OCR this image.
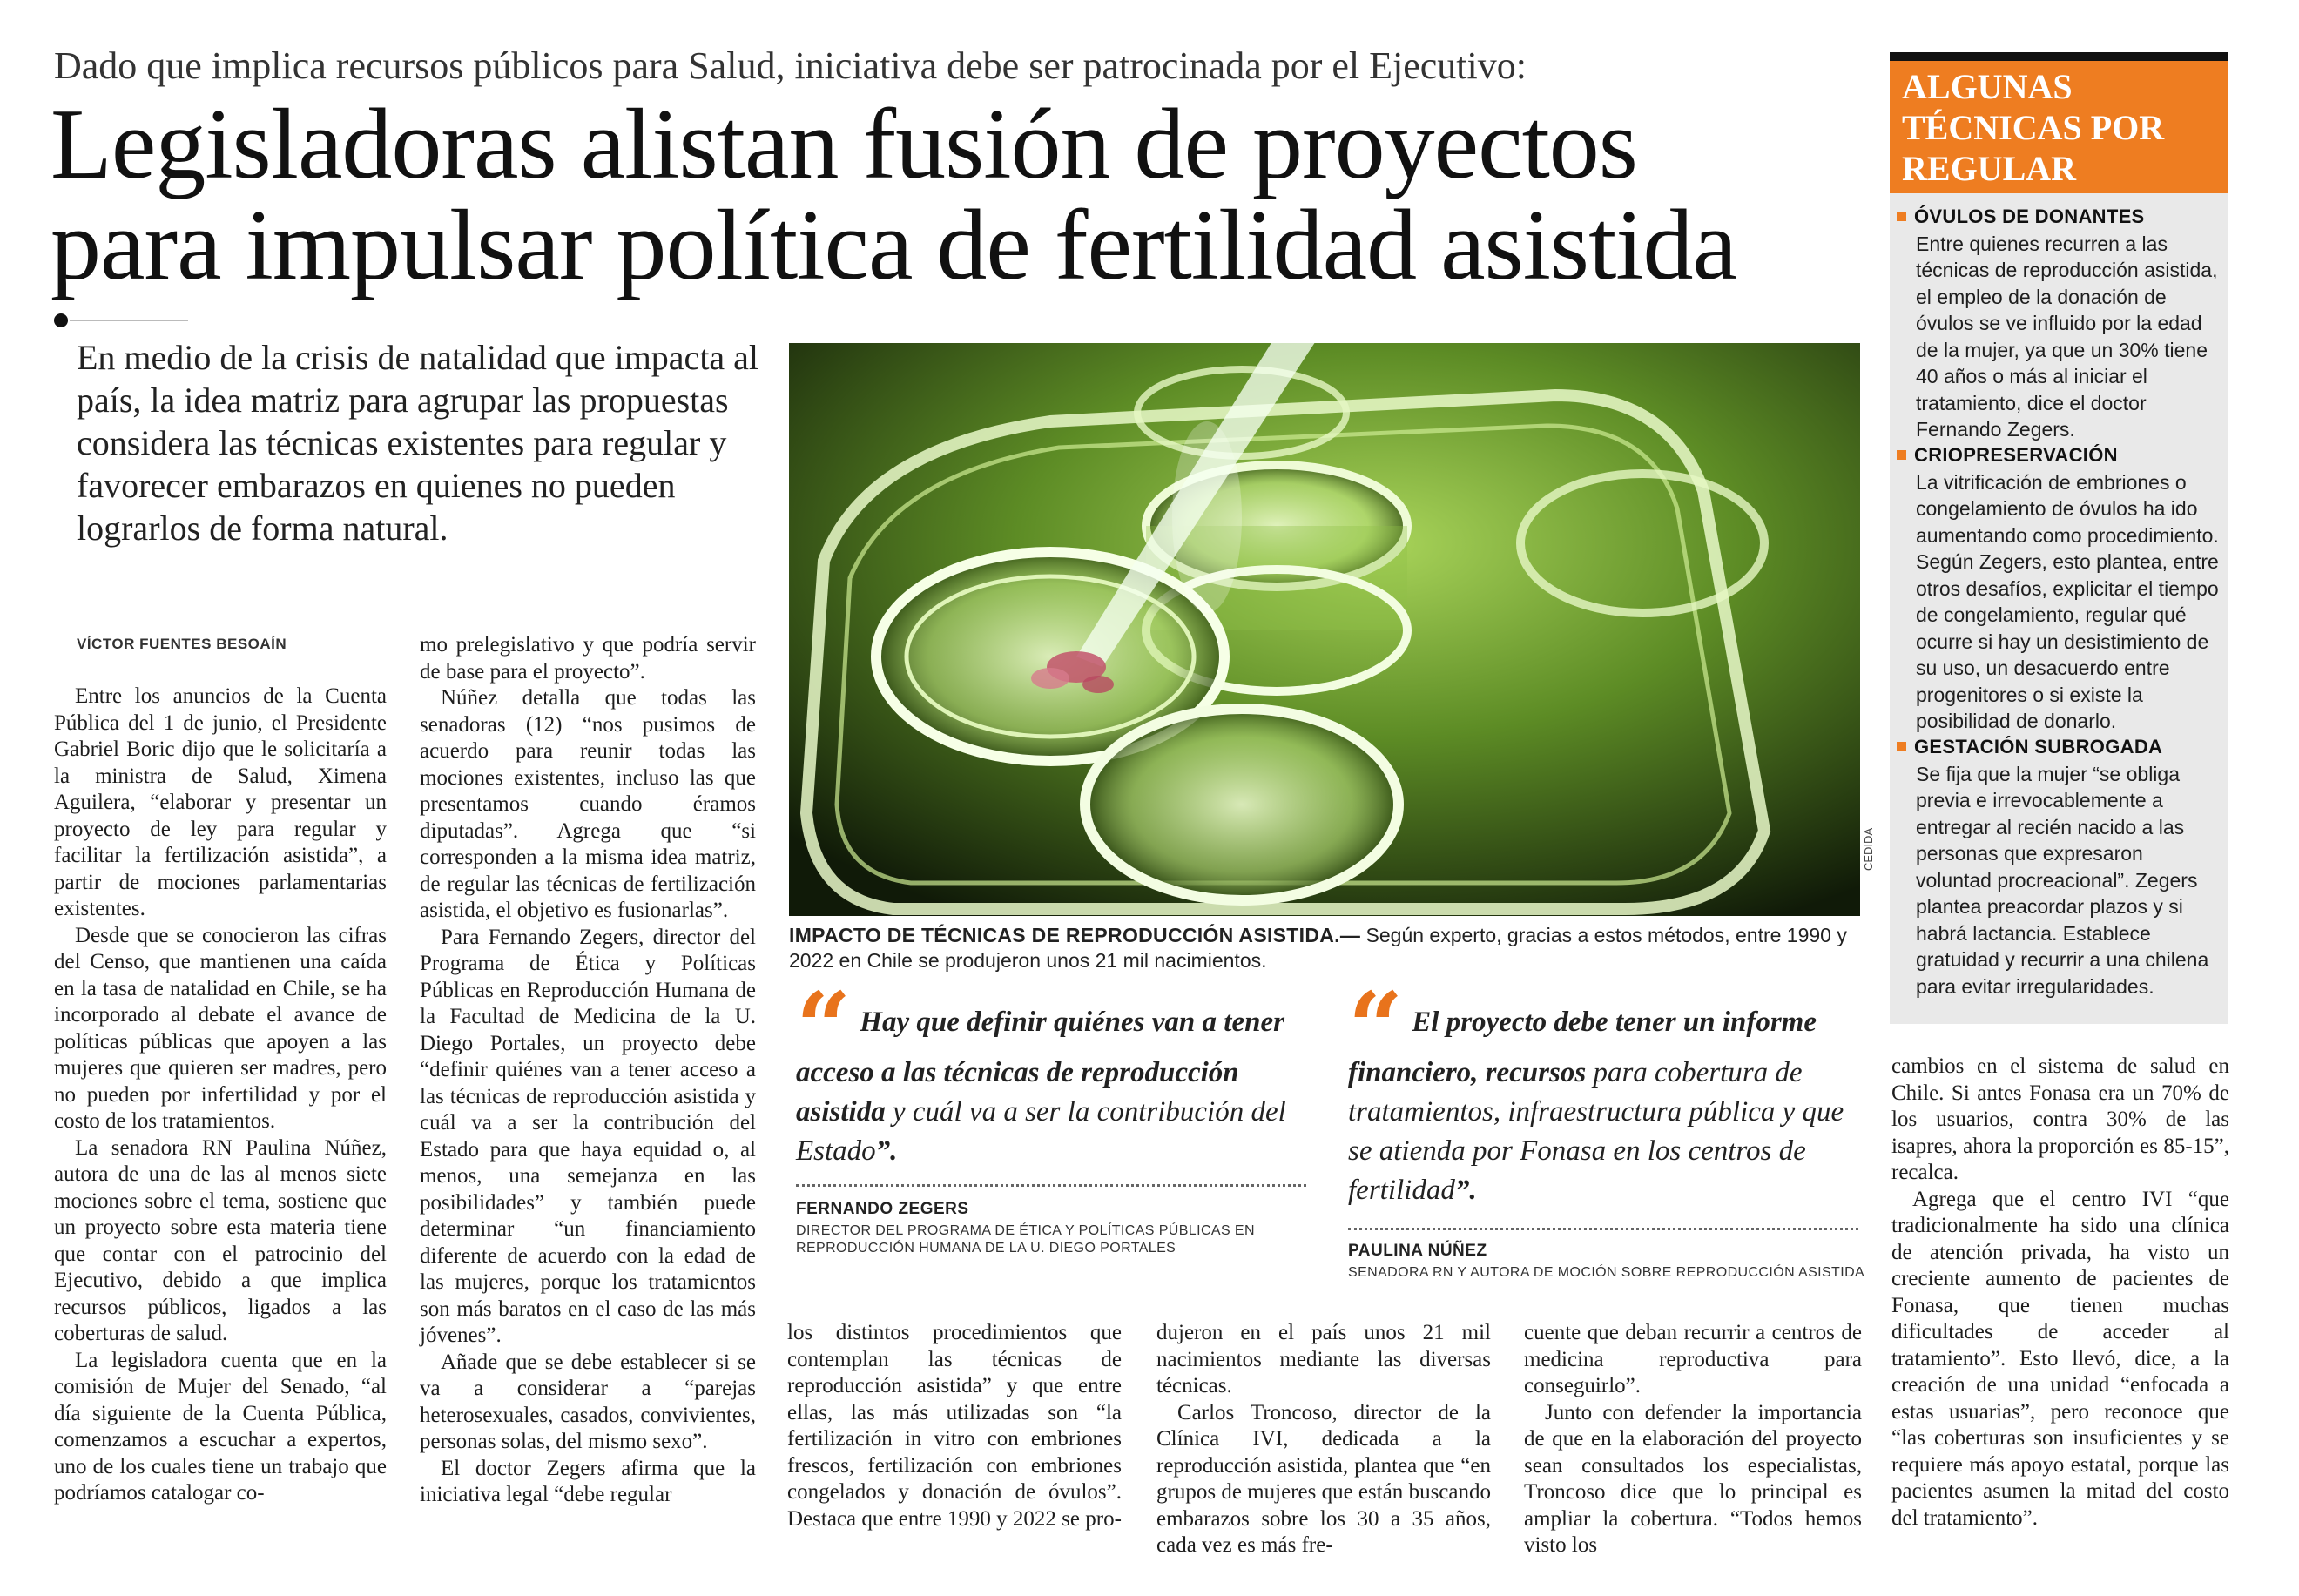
Dado que implica recursos públicos para Salud, iniciativa debe ser patrocinada por el Ejecutivo:
Legisladoras alistan fusión de proyectos
para impulsar política de fertilidad asistida
En medio de la crisis de natalidad que impacta al país, la idea matriz para agrupar las propuestas considera las técnicas existentes para regular y favorecer embarazos en quienes no pueden lograrlos de forma natural.
VÍCTOR FUENTES BESOAÍN

Entre los anuncios de la Cuenta Pública del 1 de junio, el Presidente Gabriel Boric dijo que le solicitaría a la ministra de Salud, Ximena Aguilera, “elaborar y presentar un proyecto de ley para regular y facilitar la fertilización asistida”, a partir de mociones parlamentarias existentes.

Desde que se conocieron las cifras del Censo, que mantienen una caída en la tasa de natalidad en Chile, se ha incorporado al debate el avance de políticas públicas que apoyen a las mujeres que quieren ser madres, pero no pueden por infertilidad y por el costo de los tratamientos.

La senadora RN Paulina Núñez, autora de una de las al menos siete mociones sobre el tema, sostiene que un proyecto sobre esta materia tiene que contar con el patrocinio del Ejecutivo, debido a que implica recursos públicos, ligados a las coberturas de salud.

La legisladora cuenta que en la comisión de Mujer del Senado, “al día siguiente de la Cuenta Pública, comenzamos a escuchar a expertos, uno de los cuales tiene un trabajo que podríamos catalogar co-

mo prelegislativo y que podría servir de base para el proyecto”.

Núñez detalla que todas las senadoras (12) “nos pusimos de acuerdo para reunir todas las mociones existentes, incluso las que presentamos cuando éramos diputadas”. Agrega que “si corresponden a la misma idea matriz, de regular las técnicas de fertilización asistida, el objetivo es fusionarlas”.

Para Fernando Zegers, director del Programa de Ética y Políticas Públicas en Reproducción Humana de la Facultad de Medicina de la U. Diego Portales, un proyecto debe “definir quiénes van a tener acceso a las técnicas de reproducción asistida y cuál va a ser la contribución del Estado para que haya equidad o, al menos, una semejanza en las posibilidades” y también puede determinar “un financiamiento diferente de acuerdo con la edad de las mujeres, porque los tratamientos son más baratos en el caso de las más jóvenes”.

Añade que se debe establecer si se va a considerar a “parejas heterosexuales, casados, convivientes, personas solas, del mismo sexo”.

El doctor Zegers afirma que la iniciativa legal “debe regular

los distintos procedimientos que contemplan las técnicas de reproducción asistida” y que entre ellas, las más utilizadas son “la fertilización in vitro con embriones frescos, fertilización con embriones congelados y donación de óvulos”. Destaca que entre 1990 y 2022 se pro-

dujeron en el país unos 21 mil nacimientos mediante las diversas técnicas.

Carlos Troncoso, director de la Clínica IVI, dedicada a la reproducción asistida, plantea que “en grupos de mujeres que están buscando embarazos sobre los 30 a 35 años, cada vez es más fre-

cuente que deban recurrir a centros de medicina reproductiva para conseguirlo”.

Junto con defender la importancia de que en la elaboración del proyecto sean consultados los especialistas, Troncoso dice que lo principal es ampliar la cobertura. “Todos hemos visto los

cambios en el sistema de salud en Chile. Si antes Fonasa era un 70% de los usuarios, contra 30% de las isapres, ahora la proporción es 85-15”, recalca.

Agrega que el centro IVI “que tradicionalmente ha sido una clínica de atención privada, ha visto un creciente aumento de pacientes de Fonasa, que tienen muchas dificultades de acceder al tratamiento”. Esto llevó, dice, a la creación de una unidad “enfocada a estas usuarias”, pero reconoce que “las coberturas son insuficientes y se requiere más apoyo estatal, porque las pacientes asumen la mitad del costo del tratamiento”.

CEDIDA
IMPACTO DE TÉCNICAS DE REPRODUCCIÓN ASISTIDA.— Según experto, gracias a estos métodos, entre 1990 y 2022 en Chile se produjeron unos 21 mil nacimientos.
“ Hay que definir quiénes van a tener acceso a las técnicas de reproducción asistida y cuál va a ser la contribución del Estado”.
FERNANDO ZEGERS
DIRECTOR DEL PROGRAMA DE ÉTICA Y POLÍTICAS PÚBLICAS EN REPRODUCCIÓN HUMANA DE LA U. DIEGO PORTALES
“ El proyecto debe tener un informe financiero, recursos para cobertura de tratamientos, infraestructura pública y que se atienda por Fonasa en los centros de fertilidad”.
PAULINA NÚÑEZ
SENADORA RN Y AUTORA DE MOCIÓN SOBRE REPRODUCCIÓN ASISTIDA
ALGUNAS TÉCNICAS POR REGULAR
ÓVULOS DE DONANTES
Entre quienes recurren a las técnicas de reproducción asistida, el empleo de la donación de óvulos se ve influido por la edad de la mujer, ya que un 30% tiene 40 años o más al iniciar el tratamiento, dice el doctor Fernando Zegers.
CRIOPRESERVACIÓN
La vitrificación de embriones o congelamiento de óvulos ha ido aumentando como procedimiento. Según Zegers, esto plantea, entre otros desafíos, explicitar el tiempo de congelamiento, regular qué ocurre si hay un desistimiento de su uso, un desacuerdo entre progenitores o si existe la posibilidad de donarlo.
GESTACIÓN SUBROGADA
Se fija que la mujer “se obliga previa e irrevocablemente a entregar al recién nacido a las personas que expresaron voluntad procreacional”. Zegers plantea preacordar plazos y si habrá lactancia. Establece gratuidad y recurrir a una chilena para evitar irregularidades.
